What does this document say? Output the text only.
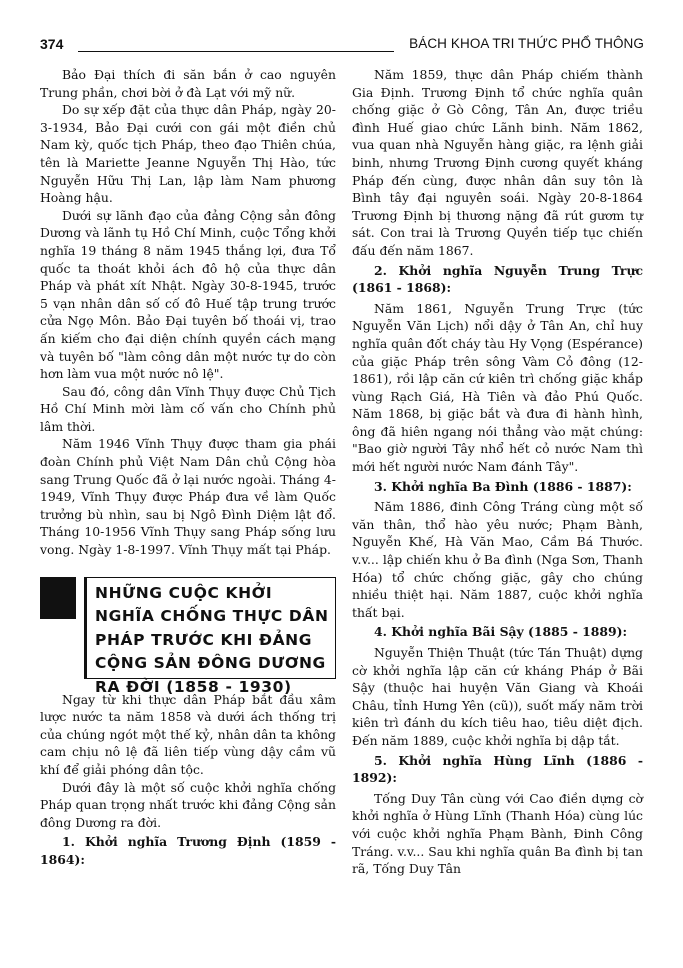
374	BÁCH KHOA TRI THỨC PHỔ THÔNG

Bảo Đại thích đi săn bắn ở cao nguyên Trung phần, chơi bời ở đà Lạt với mỹ nữ.

Do sự xếp đặt của thực dân Pháp, ngày 20-3-1934, Bảo Đại cưới con gái một điền chủ Nam kỳ, quốc tịch Pháp, theo đạo Thiên chúa, tên là Mariette Jeanne Nguyễn Thị Hào, tức Nguyễn Hữu Thị Lan, lập làm Nam phương Hoàng hậu.

Dưới sự lãnh đạo của đảng Cộng sản đông Dương và lãnh tụ Hồ Chí Minh, cuộc Tổng khởi nghĩa 19 tháng 8 năm 1945 thắng lợi, đưa Tổ quốc ta thoát khỏi ách đô hộ của thực dân Pháp và phát xít Nhật. Ngày 30-8-1945, trước 5 vạn nhân dân số cố đô Huế tập trung trước cửa Ngọ Môn. Bảo Đại tuyên bố thoái vị, trao ấn kiếm cho đại diện chính quyền cách mạng và tuyên bố "làm công dân một nước tự do còn hơn làm vua một nước nô lệ".

Sau đó, công dân Vĩnh Thụy được Chủ Tịch Hồ Chí Minh mời làm cố vấn cho Chính phủ lâm thời.

Năm 1946 Vĩnh Thụy được tham gia phái đoàn Chính phủ Việt Nam Dân chủ Cộng hòa sang Trung Quốc đã ở lại nước ngoài. Tháng 4-1949, Vĩnh Thụy được Pháp đưa về làm Quốc trưởng bù nhìn, sau bị Ngô Đình Diệm lật đổ. Tháng 10-1956 Vĩnh Thụy sang Pháp sống lưu vong. Ngày 1-8-1997. Vĩnh Thụy mất tại Pháp.

NHỮNG CUỘC KHỞI NGHĨA CHỐNG THỰC DÂN PHÁP TRƯỚC KHI ĐẢNG CỘNG SẢN ĐÔNG DƯƠNG RA ĐỜI (1858 - 1930)

Ngay từ khi thực dân Pháp bắt đầu xâm lược nước ta năm 1858 và dưới ách thống trị của chúng ngót một thế kỷ, nhân dân ta không cam chịu nô lệ đã liên tiếp vùng dậy cầm vũ khí để giải phóng dân tộc.

Dưới đây là một số cuộc khởi nghĩa chống Pháp quan trọng nhất trước khi đảng Cộng sản đông Dương ra đời.

1. Khởi nghĩa Trương Định (1859 - 1864):

Năm 1859, thực dân Pháp chiếm thành Gia Định. Trương Định tổ chức nghĩa quân chống giặc ở Gò Công, Tân An, được triều đình Huế giao chức Lãnh binh. Năm 1862, vua quan nhà Nguyễn hàng giặc, ra lệnh giải binh, nhưng Trương Định cương quyết kháng Pháp đến cùng, được nhân dân suy tôn là Bình tây đại nguyên soái. Ngày 20-8-1864 Trương Định bị thương nặng đã rút gươm tự sát. Con trai là Trương Quyền tiếp tục chiến đấu đến năm 1867.

2. Khởi nghĩa Nguyễn Trung Trực (1861 - 1868):

Năm 1861, Nguyễn Trung Trực (tức Nguyễn Văn Lịch) nổi dậy ở Tân An, chỉ huy nghĩa quân đốt cháy tàu Hy Vọng (Espérance) của giặc Pháp trên sông Vàm Cỏ đông (12-1861), rồi lập căn cứ kiên trì chống giặc khắp vùng Rạch Giá, Hà Tiên và đảo Phú Quốc. Năm 1868, bị giặc bắt và đưa đi hành hình, ông đã hiên ngang nói thẳng vào mặt chúng: "Bao giờ người Tây nhổ hết cỏ nước Nam thì mới hết người nước Nam đánh Tây".

3. Khởi nghĩa Ba Đình (1886 - 1887):

Năm 1886, đinh Công Tráng cùng một số văn thân, thổ hào yêu nước; Phạm Bành, Nguyễn Khế, Hà Văn Mao, Cầm Bá Thước. v.v... lập chiến khu ở Ba đình (Nga Sơn, Thanh Hóa) tổ chức chống giặc, gây cho chúng nhiều thiệt hại. Năm 1887, cuộc khởi nghĩa thất bại.

4. Khởi nghĩa Bãi Sậy (1885 - 1889):

Nguyễn Thiện Thuật (tức Tán Thuật) dựng cờ khởi nghĩa lập căn cứ kháng Pháp ở Bãi Sậy (thuộc hai huyện Văn Giang và Khoái Châu, tỉnh Hưng Yên (cũ)), suốt mấy năm trời kiên trì đánh du kích tiêu hao, tiêu diệt địch. Đến năm 1889, cuộc khởi nghĩa bị dập tắt.

5. Khởi nghĩa Hùng Lĩnh (1886 - 1892):

Tống Duy Tân cùng với Cao điền dựng cờ khởi nghĩa ở Hùng Lĩnh (Thanh Hóa) cùng lúc với cuộc khởi nghĩa Phạm Bành, Đinh Công Tráng. v.v... Sau khi nghĩa quân Ba đình bị tan rã, Tống Duy Tân
